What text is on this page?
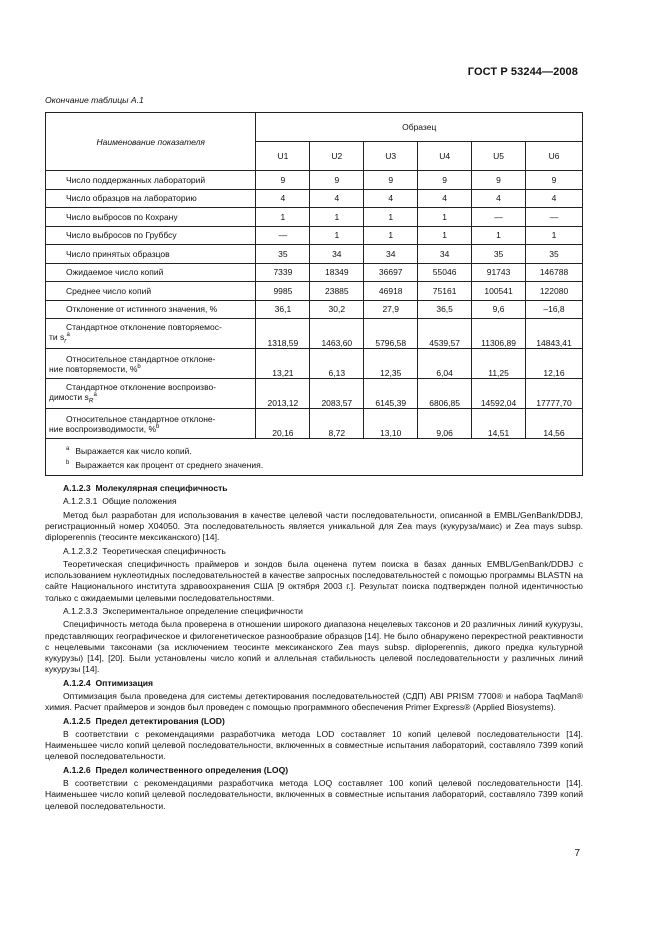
ГОСТ Р 53244—2008
Окончание таблицы А.1
Наименование показателя	Образец					
	U1	U2	U3	U4	U5	U6
Число поддержанных лабораторий	9	9	9	9	9	9
Число образцов на лабораторию	4	4	4	4	4	4
Число выбросов по Кохрану	1	1	1	1	—	—
Число выбросов по Груббсу	—	1	1	1	1	1
Число принятых образцов	35	34	34	34	35	35
Ожидаемое число копий	7339	18349	36697	55046	91743	146788
Среднее число копий	9985	23885	46918	75161	100541	122080
Отклонение от истинного значения, %	36,1	30,2	27,9	36,5	9,6	–16,8

Стандартное отклонение повторяемос-
ти $s_r^a$	1318,59	1463,60	5796,58	4539,57	11306,89	14843,41

Относительное стандартное отклоне-
ние повторяемости, %$^b$	13,21	6,13	12,35	6,04	11,25	12,16

Стандартное отклонение воспроизво-
димости $s_R^a$	2013,12	2083,57	6145,39	6806,85	14592,04	17777,70

Относительное стандартное отклоне-
ние воспроизводимости, %$^b$	20,16	8,72	13,10	9,06	14,51	14,56

$^a$ Выражается как число копий.
$^b$ Выражается как процент от среднего значения.						

А.1.2.3 Молекулярная специфичность

А.1.2.3.1 Общие положения

Метод был разработан для использования в качестве целевой части последовательности, описанной в EMBL/GenBank/DDBJ, регистрационный номер X04050. Эта последовательность является уникальной для Zea mays (кукуруза/маис) и Zea mays subsp. diploperennis (теосинте мексиканского) [14].

А.1.2.3.2 Теоретическая специфичность

Теоретическая специфичность праймеров и зондов была оценена путем поиска в базах данных EMBL/GenBank/DDBJ с использованием нуклеотидных последовательностей в качестве запросных последовательностей с помощью программы BLASTN на сайте Национального института здравоохранения США [9 октября 2003 г.]. Результат поиска подтвержден полной идентичностью только с ожидаемыми целевыми последовательностями.

А.1.2.3.3 Экспериментальное определение специфичности

Специфичность метода была проверена в отношении широкого диапазона нецелевых таксонов и 20 различных линий кукурузы, представляющих географическое и филогенетическое разнообразие образцов [14]. Не было обнаружено перекрестной реактивности с нецелевыми таксонами (за исключением теосинте мексиканского Zea mays subsp. diploperennis, дикого предка культурной кукурузы) [14], [20]. Были установлены число копий и аллельная стабильность целевой последовательности у различных линий кукурузы [14].

А.1.2.4 Оптимизация

Оптимизация была проведена для системы детектирования последовательностей (СДП) ABI PRISM 7700® и набора TaqMan® химия. Расчет праймеров и зондов был проведен с помощью программного обеспечения Primer Express® (Applied Biosystems).

А.1.2.5 Предел детектирования (LOD)

В соответствии с рекомендациями разработчика метода LOD составляет 10 копий целевой последовательности [14]. Наименьшее число копий целевой последовательности, включенных в совместные испытания лабораторий, составляло 7399 копий целевой последовательности.

А.1.2.6 Предел количественного определения (LOQ)

В соответствии с рекомендациями разработчика метода LOQ составляет 100 копий целевой последовательности [14]. Наименьшее число копий целевой последовательности, включенных в совместные испытания лабораторий, составляло 7399 копий целевой последовательности.

7
